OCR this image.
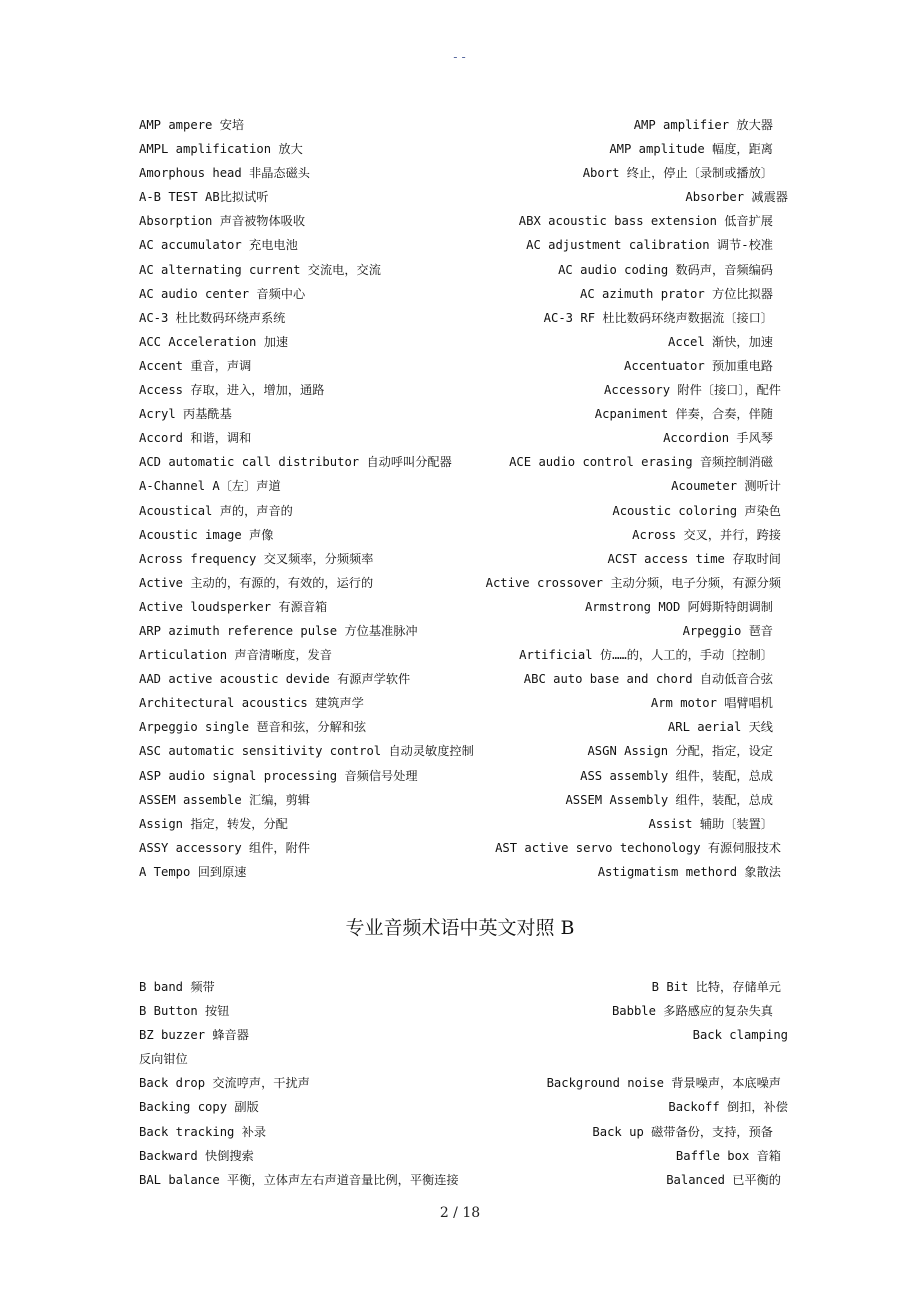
--
AMP ampere 安培	AMP amplifier 放大器
AMPL amplification 放大	AMP amplitude 幅度，距离
Amorphous head 非晶态磁头	Abort 终止，停止〔录制或播放〕
A-B TEST AB比拟试听	Absorber 减震器
Absorption 声音被物体吸收	ABX acoustic bass extension 低音扩展
AC accumulator 充电电池	AC adjustment calibration 调节-校准
AC alternating current 交流电，交流	AC audio coding 数码声，音频编码
AC audio center 音频中心	AC azimuth prator 方位比拟器
AC-3 杜比数码环绕声系统	AC-3 RF 杜比数码环绕声数据流〔接口〕
ACC Acceleration 加速	Accel 渐快，加速
Accent 重音，声调	Accentuator 预加重电路
Access 存取，进入，增加，通路	Accessory 附件〔接口〕，配件
Acryl 丙基酰基	Acpaniment 伴奏，合奏，伴随
Accord 和谐，调和	Accordion 手风琴
ACD automatic call distributor 自动呼叫分配器	ACE audio control erasing 音频控制消磁
A-Channel A〔左〕声道	Acoumeter 测听计
Acoustical 声的，声音的	Acoustic coloring 声染色
Acoustic image 声像	Across 交叉，并行，跨接
Across frequency 交叉频率，分频频率	ACST access time 存取时间
Active 主动的，有源的，有效的，运行的	Active crossover 主动分频，电子分频，有源分频
Active loudsperker 有源音箱	Armstrong MOD 阿姆斯特朗调制
ARP azimuth reference pulse 方位基准脉冲	Arpeggio 琶音
Articulation 声音清晰度，发音	Artificial 仿……的，人工的，手动〔控制〕
AAD active acoustic devide 有源声学软件	ABC auto base and chord 自动低音合弦
Architectural acoustics 建筑声学	Arm motor 唱臂唱机
Arpeggio single 琶音和弦，分解和弦	ARL aerial 天线
ASC automatic sensitivity control 自动灵敏度控制	ASGN Assign 分配，指定，设定
ASP audio signal processing 音频信号处理	ASS assembly 组件，装配，总成
ASSEM assemble 汇编，剪辑	ASSEM Assembly 组件，装配，总成
Assign 指定，转发，分配	Assist 辅助〔装置〕
ASSY accessory 组件，附件	AST active servo techonology 有源伺服技术
A Tempo 回到原速	Astigmatism methord 象散法
专业音频术语中英文对照 B
B band 频带	B Bit 比特，存储单元
B Button 按钮	Babble 多路感应的复杂失真
BZ buzzer 蜂音器	Back clamping
反向钳位
Back drop 交流哼声，干扰声	Background noise 背景噪声，本底噪声
Backing copy 副版	Backoff 倒扣，补偿
Back tracking 补录	Back up 磁带备份，支持，预备
Backward 快倒搜索	Baffle box 音箱
BAL balance 平衡，立体声左右声道音量比例，平衡连接	Balanced 已平衡的
2 / 18
